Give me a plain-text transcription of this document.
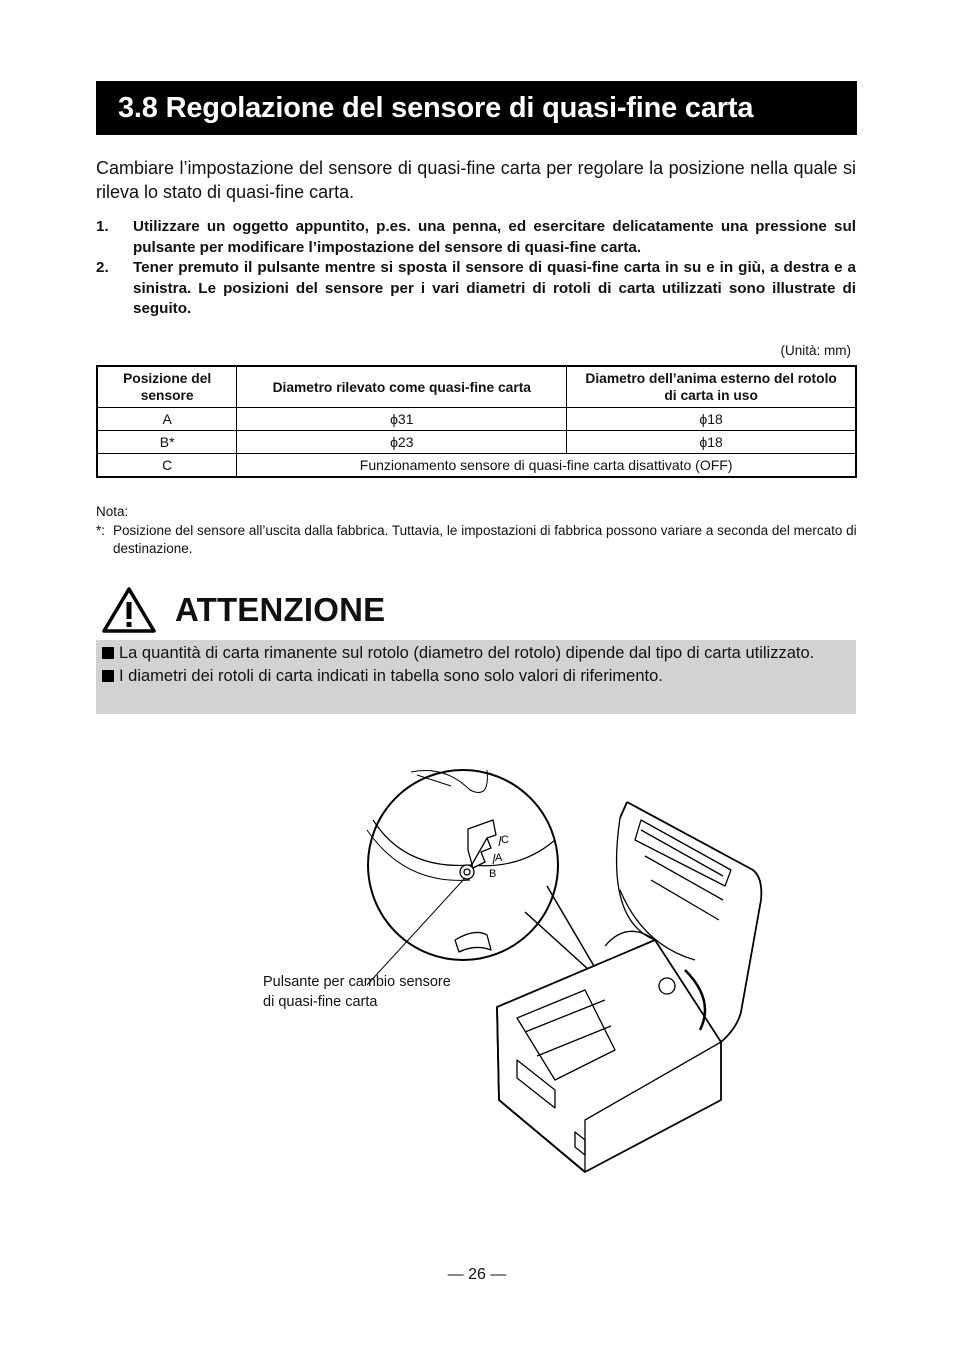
3.8 Regolazione del sensore di quasi-fine carta

Cambiare l’impostazione del sensore di quasi-fine carta per regolare la posizione nella quale si rileva lo stato di quasi-fine carta.

1. Utilizzare un oggetto appuntito, p.es. una penna, ed esercitare delicatamente una pressione sul pulsante per modificare l’impostazione del sensore di quasi-fine carta.
2. Tener premuto il pulsante mentre si sposta il sensore di quasi-fine carta in su e in giù, a destra e a sinistra. Le posizioni del sensore per i vari diametri di rotoli di carta utilizzati sono illustrate di seguito.
(Unità: mm)
Posizione del sensore	Diametro rilevato come quasi-fine carta	Diametro dell’anima esterno del rotolo di carta in uso
A	ϕ31	ϕ18
B*	ϕ23	ϕ18
C	Funzionamento sensore di quasi-fine carta disattivato (OFF)	
Nota:
*: Posizione del sensore all’uscita dalla fabbrica. Tuttavia, le impostazioni di fabbrica possono variare a seconda del mercato di destinazione.
ATTENZIONE
La quantità di carta rimanente sul rotolo (diametro del rotolo) dipende dal tipo di carta utilizzato.
I diametri dei rotoli di carta indicati in tabella sono solo valori di riferimento.
C
A
B
Pulsante per cambio sensore
di quasi-fine carta
— 26 —
